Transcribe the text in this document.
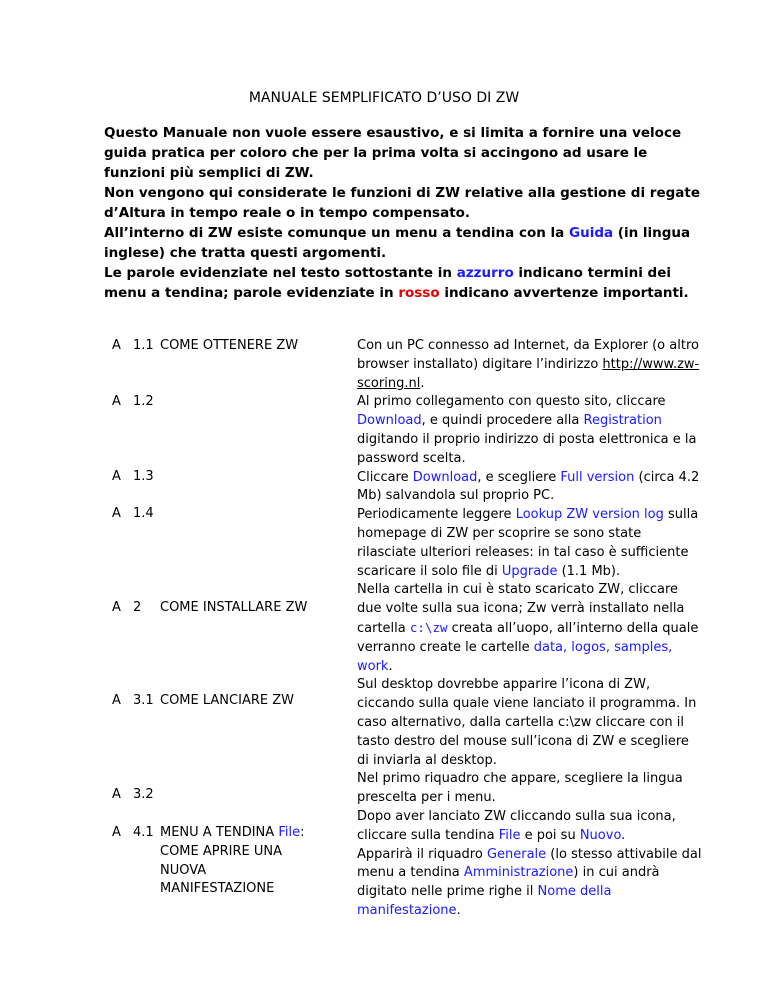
MANUALE SEMPLIFICATO D’USO DI ZW

Questo Manuale non vuole essere esaustivo, e si limita a fornire una veloce guida pratica per coloro che per la prima volta si accingono ad usare le funzioni più semplici di ZW.

Non vengono qui considerate le funzioni di ZW relative alla gestione di regate d’Altura in tempo reale o in tempo compensato.

All’interno di ZW esiste comunque un menu a tendina con la Guida (in lingua inglese) che tratta questi argomenti.

Le parole evidenziate nel testo sottostante in azzurro indicano termini dei menu a tendina; parole evidenziate in rosso indicano avvertenze importanti.

A 1.1 COME OTTENERE ZW
A 1.2
A 1.3
A 1.4
A 2 COME INSTALLARE ZW
A 3.1 COME LANCIARE ZW
A 3.2
A 4.1 MENU A TENDINA File:
COME APRIRE UNA NUOVA MANIFESTAZIONE

Con un PC connesso ad Internet, da Explorer (o altro browser installato) digitare l’indirizzo http://www.zw-scoring.nl.

Al primo collegamento con questo sito, cliccare Download, e quindi procedere alla Registration digitando il proprio indirizzo di posta elettronica e la password scelta.

Cliccare Download, e scegliere Full version (circa 4.2 Mb) salvandola sul proprio PC.

Periodicamente leggere Lookup ZW version log sulla homepage di ZW per scoprire se sono state rilasciate ulteriori releases: in tal caso è sufficiente scaricare il solo file di Upgrade (1.1 Mb).

Nella cartella in cui è stato scaricato ZW, cliccare due volte sulla sua icona; Zw verrà installato nella cartella c:\zw creata all’uopo, all’interno della quale verranno create le cartelle data, logos, samples, work.

Sul desktop dovrebbe apparire l’icona di ZW, ciccando sulla quale viene lanciato il programma. In caso alternativo, dalla cartella c:\zw cliccare con il tasto destro del mouse sull’icona di ZW e scegliere di inviarla al desktop.

Nel primo riquadro che appare, scegliere la lingua prescelta per i menu.

Dopo aver lanciato ZW cliccando sulla sua icona, cliccare sulla tendina File e poi su Nuovo.

Apparirà il riquadro Generale (lo stesso attivabile dal menu a tendina Amministrazione) in cui andrà digitato nelle prime righe il Nome della manifestazione.
